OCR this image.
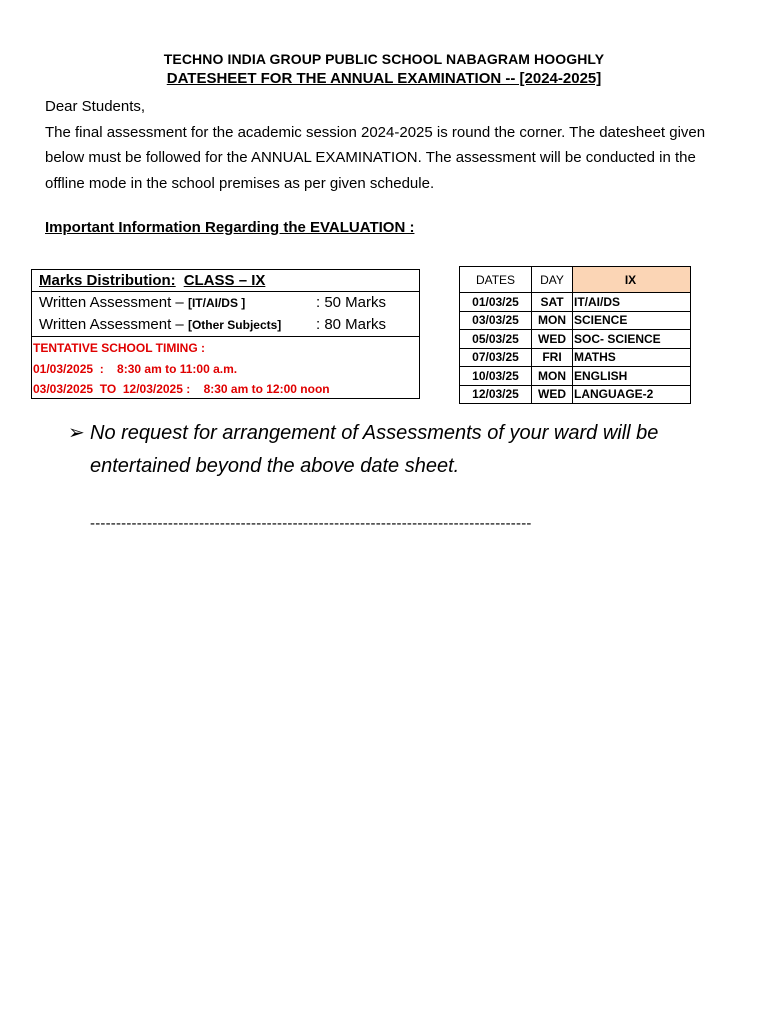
TECHNO INDIA GROUP PUBLIC SCHOOL NABAGRAM HOOGHLY
DATESHEET FOR THE ANNUAL EXAMINATION -- [2024-2025]

Dear Students,

The final assessment for the academic session 2024-2025 is round the corner. The datesheet given below must be followed for the ANNUAL EXAMINATION. The assessment will be conducted in the offline mode in the school premises as per given schedule.

Important Information Regarding the EVALUATION :
Marks Distribution: CLASS – IX
Written Assessment – [IT/AI/DS ]	: 50 Marks
Written Assessment – [Other Subjects] : 80 Marks
TENTATIVE SCHOOL TIMING :
01/03/2025  :    8:30 am to 11:00 a.m.
03/03/2025  TO  12/03/2025 :    8:30 am to 12:00 noon
DATES	DAY	IX
01/03/25	SAT	IT/AI/DS
03/03/25	MON	SCIENCE
05/03/25	WED	SOC- SCIENCE
07/03/25	FRI	MATHS
10/03/25	MON	ENGLISH
12/03/25	WED	LANGUAGE-2
➢ No request for arrangement of Assessments of your ward will be entertained beyond the above date sheet.
-------------------------------------------------------------------------------------
